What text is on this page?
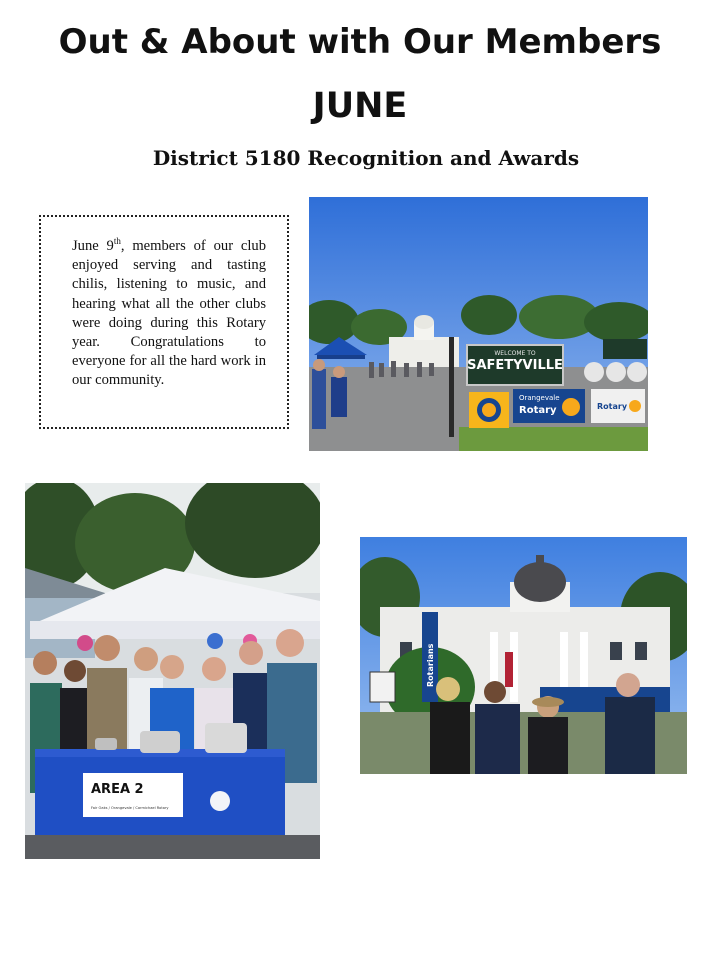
Out & About with Our Members
JUNE
District 5180 Recognition and Awards

June 9th, members of our club enjoyed serving and tasting chilis, listening to music, and hearing what all the other clubs were doing during this Rotary year. Congratulations to everyone for all the hard work in our community.

WELCOME TO
SAFETYVILLE
Orangevale
Rotary	Rotary
AREA 2
Fair Oaks / Orangevale / Carmichael Rotary
Rotarians
